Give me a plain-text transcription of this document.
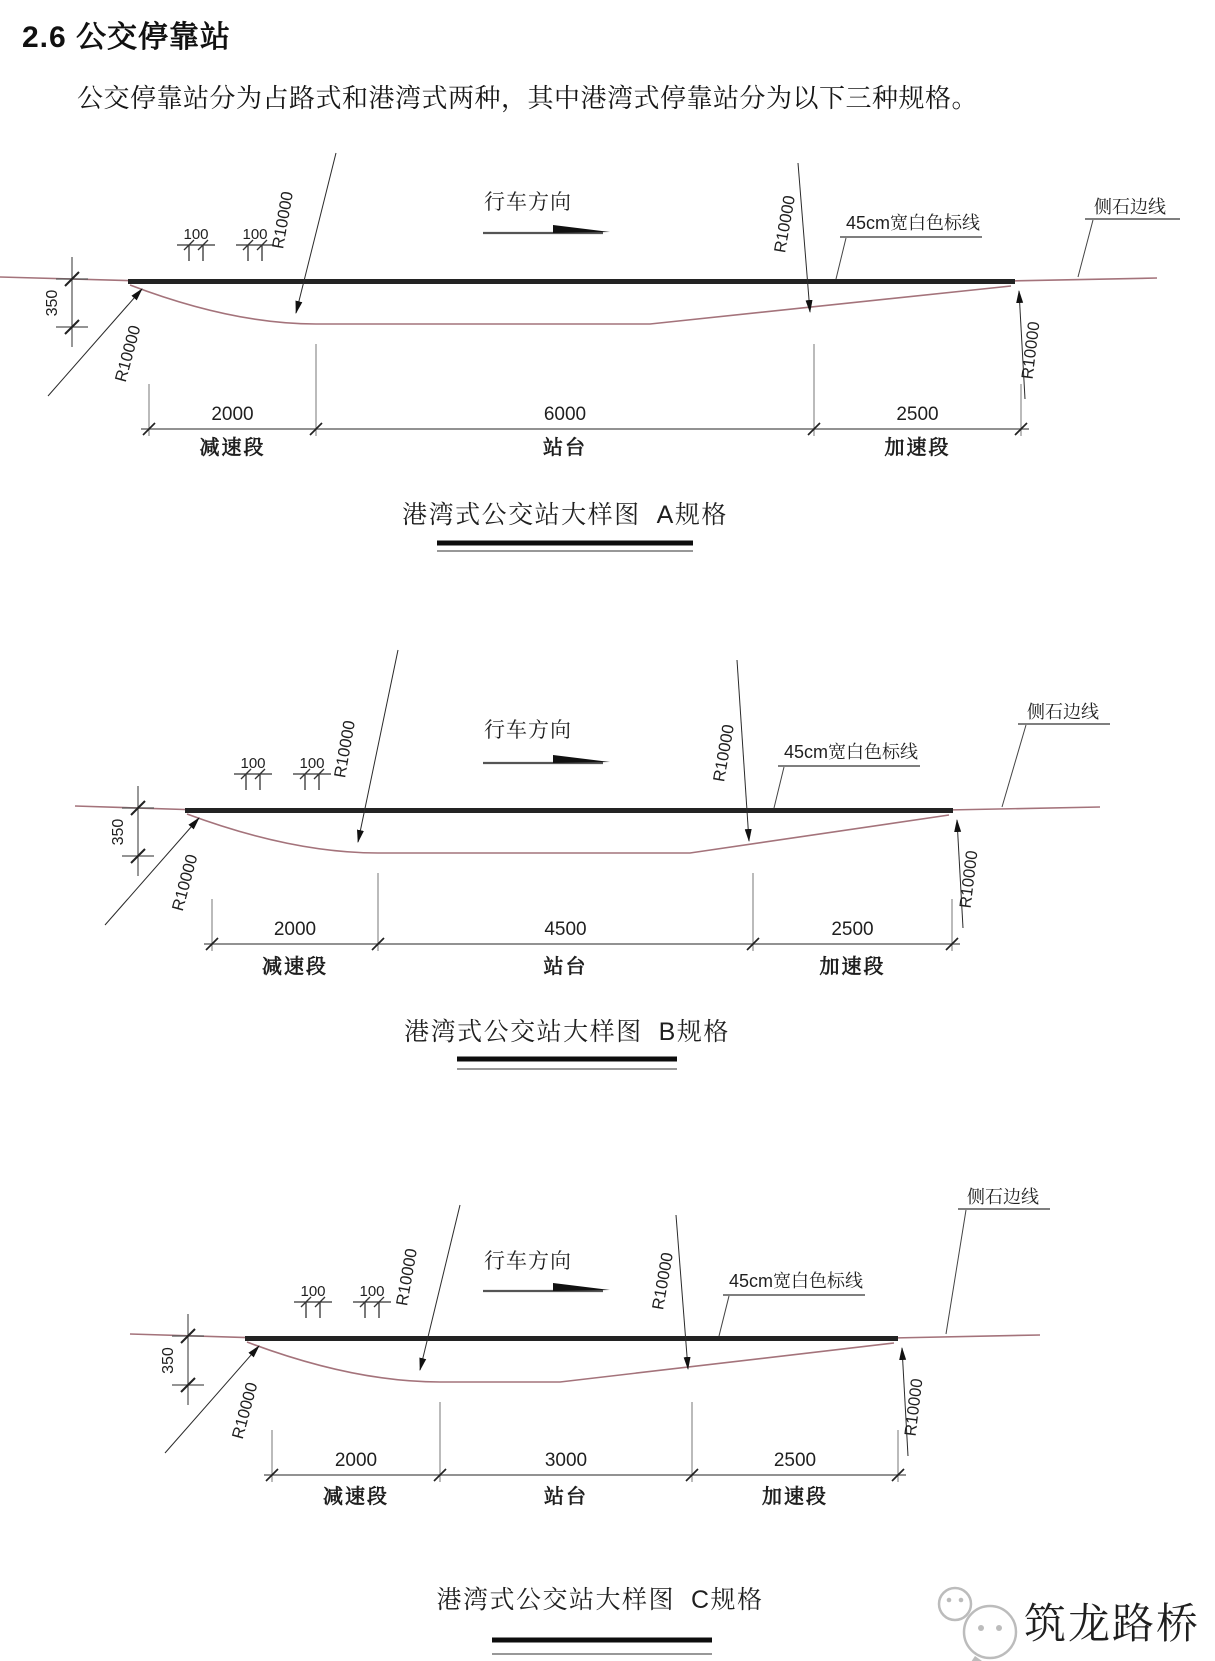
2.6 公交停靠站
公交停靠站分为占路式和港湾式两种，其中港湾式停靠站分为以下三种规格。
行车方向
100 100
R10000
R10000	R10000
R10000
45cm宽白色标线
侧石边线
350
2000
减速段
6000
站台
2500
加速段
港湾式公交站大样图 A规格
行车方向
100 100
R10000
R10000	R10000
R10000
45cm宽白色标线
侧石边线
350
2000
减速段
4500
站台
2500
加速段
港湾式公交站大样图 B规格
行车方向
100 100
R10000
R10000	R10000
R10000
45cm宽白色标线
侧石边线
350
2000
减速段
3000
站台
2500
加速段
港湾式公交站大样图 C规格	筑龙路桥
